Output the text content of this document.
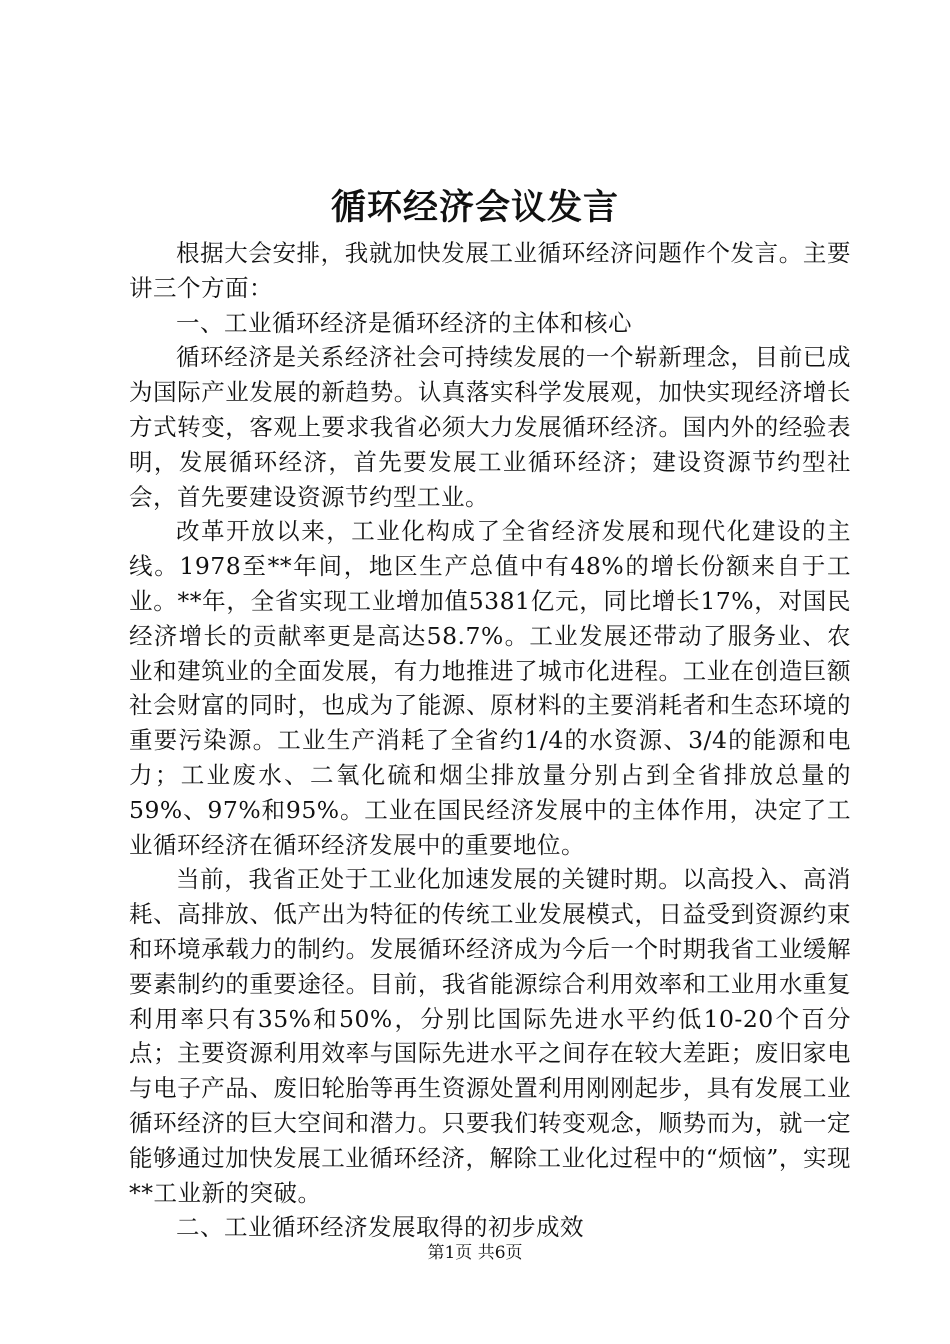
循环经济会议发言

根据大会安排，我就加快发展工业循环经济问题作个发言。主要讲三个方面：

一、工业循环经济是循环经济的主体和核心

循环经济是关系经济社会可持续发展的一个崭新理念，目前已成为国际产业发展的新趋势。认真落实科学发展观，加快实现经济增长方式转变，客观上要求我省必须大力发展循环经济。国内外的经验表明，发展循环经济，首先要发展工业循环经济；建设资源节约型社会，首先要建设资源节约型工业。

改革开放以来，工业化构成了全省经济发展和现代化建设的主线。1978至**年间，地区生产总值中有48%的增长份额来自于工业。**年，全省实现工业增加值5381亿元，同比增长17%，对国民经济增长的贡献率更是高达58.7%。工业发展还带动了服务业、农业和建筑业的全面发展，有力地推进了城市化进程。工业在创造巨额社会财富的同时，也成为了能源、原材料的主要消耗者和生态环境的重要污染源。工业生产消耗了全省约1/4的水资源、3/4的能源和电力；工业废水、二氧化硫和烟尘排放量分别占到全省排放总量的59%、97%和95%。工业在国民经济发展中的主体作用，决定了工业循环经济在循环经济发展中的重要地位。

当前，我省正处于工业化加速发展的关键时期。以高投入、高消耗、高排放、低产出为特征的传统工业发展模式，日益受到资源约束和环境承载力的制约。发展循环经济成为今后一个时期我省工业缓解要素制约的重要途径。目前，我省能源综合利用效率和工业用水重复利用率只有35%和50%，分别比国际先进水平约低10-20个百分点；主要资源利用效率与国际先进水平之间存在较大差距；废旧家电与电子产品、废旧轮胎等再生资源处置利用刚刚起步，具有发展工业循环经济的巨大空间和潜力。只要我们转变观念，顺势而为，就一定能够通过加快发展工业循环经济，解除工业化过程中的“烦恼”，实现**工业新的突破。

二、工业循环经济发展取得的初步成效

第1页 共6页
